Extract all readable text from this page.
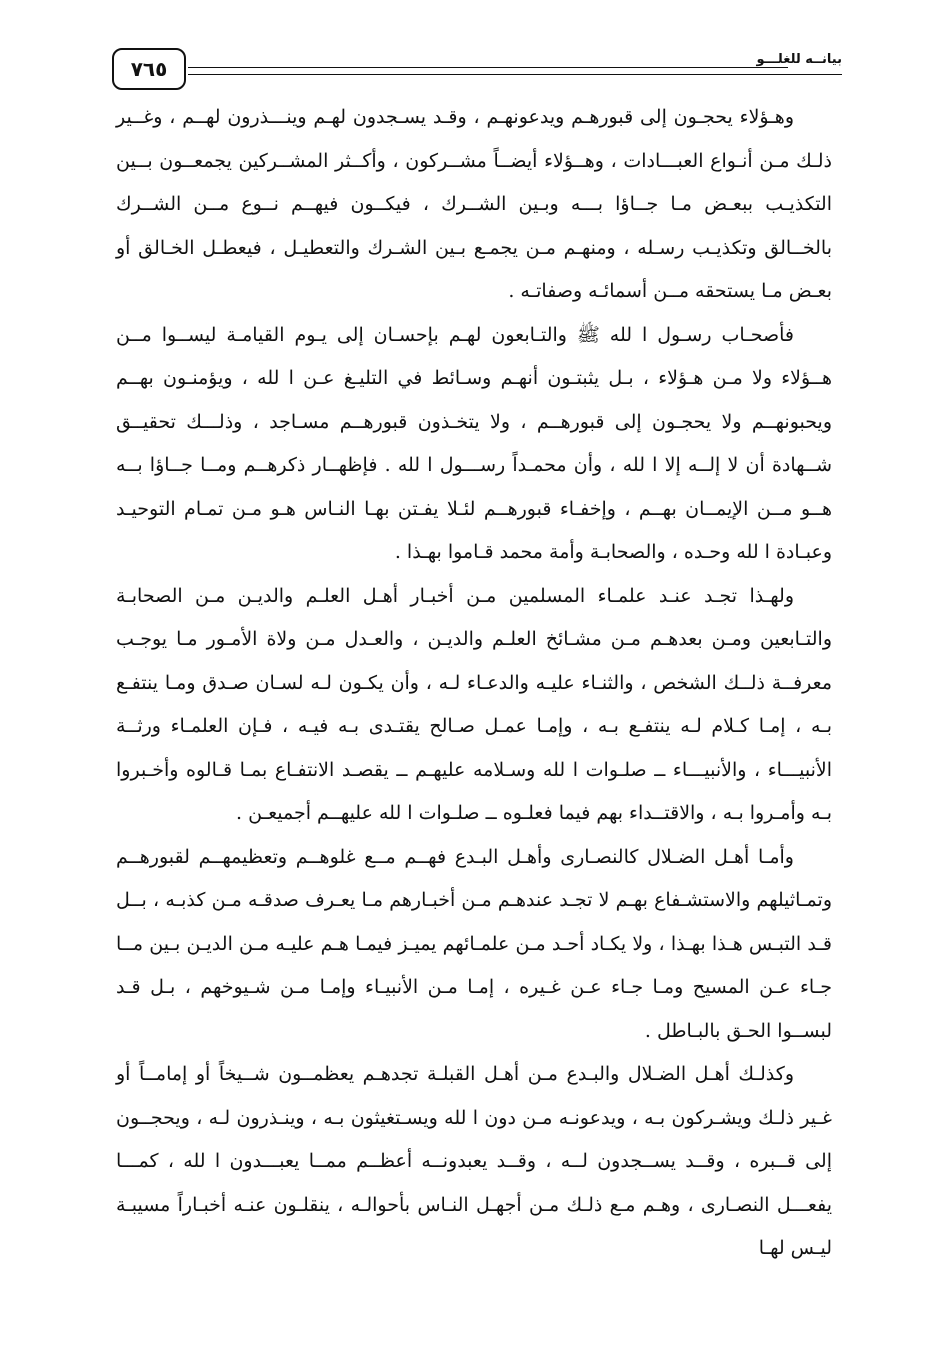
٧٦٥	بيانــه للغلـــو

وهـؤلاء يحجـون إلى قبورهـم ويدعونهـم ، وقـد يسـجدون لهـم وينـــذرون لهــم ، وغــير ذلـك مـن أنـواع العبـــادات ، وهــؤلاء أيضــاً مشــركون ، وأكــثر المشــركين يجمعــون بــين التكذيـب ببعـض مـا جــاؤا بـــه وبـين الشــرك ، فيكــون فيهــم نــوع مــن الشــرك بالخــالق وتكذيـب رسـله ، ومنهـم مـن يجمـع بـين الشـرك والتعطيـل ، فيعطـل الخـالق أو بعـض مـا يستحقه مــن أسمائـه وصفاتـه .

فأصحـاب رسـول ا لله ﷺ والتـابعون لهـم بإحسـان إلى يـوم القيامـة ليســوا مــن هــؤلاء ولا مـن هـؤلاء ، بـل يثبتـون أنهـم وسـائط في التليـغ عـن ا لله ، ويؤمنـون بهــم ويحبونهــم ولا يحجـون إلى قبورهــم ، ولا يتخـذون قبورهــم مسـاجد ، وذلـــك تحقيــق شــهادة أن لا إلــه إلا ا لله ، وأن محمـداً رســـول ا لله . فإظهــار ذكرهــم ومــا جــاؤا بــه هــو مــن الإيمــان بهــم ، وإخفـاء قبورهــم لئـلا يفـتن بهـا النـاس هـو مـن تمـام التوحيـد وعبـادة ا لله وحـده ، والصحابـة وأمة محمد قـاموا بهـذا .

ولهـذا تجـد عنـد علمـاء المسلمين مـن أخبـار أهـل العلـم والديـن مـن الصحابـة والتـابعين ومـن بعدهـم مـن مشـائخ العلـم والديـن ، والعـدل مـن ولاة الأمـور مـا يوجـب معرفــة ذلــك الشخص ، والثنـاء عليـه والدعـاء لـه ، وأن يكـون لـه لسـان صـدق ومـا ينتفـع بـه ، إمـا كـلام لـه ينتفـع بـه ، وإمـا عمـل صـالح يقتـدى بـه فيـه ، فـإن العلمـاء ورثــة الأنبيـــاء ، والأنبيـــاء ــ صلـوات ا لله وسـلامه عليهـم ــ يقصـد الانتفـاع بمـا قـالوه وأخـبروا بـه وأمـروا بـه ، والاقتــداء بهم فيما فعلـوه ــ صلـوات ا لله عليهــم أجميعـن .

وأمـا أهـل الضـلال كالنصـارى وأهـل البـدع فهــم مــع غلوهــم وتعظيمهــم لقبورهــم وتمـاثيلهم والاستشـفاع بهـم لا تجـد عندهـم مـن أخبـارهم مـا يعـرف صدقـه مـن كذبـه ، بــل قـد التبـس هـذا بهـذا ، ولا يكـاد أحـد مـن علمـائهم يميـز فيمـا هـم عليـه مـن الديـن بـين مــا جـاء عـن المسيح ومـا جـاء عـن غـيره ، إمـا مـن الأنبيـاء وإمـا مـن شـيوخهم ، بـل قـد لبســوا الحـق بالبـاطل .

وكذلـك أهـل الضـلال والبـدع مـن أهـل القبلـة تجدهـم يعظمــون شــيخاً أو إمامــاً أو غـير ذلـك ويشـركون بـه ، ويدعونـه مـن دون ا لله ويسـتغيثون بـه ، وينـذرون لـه ، ويحجــون إلى قــبره ، وقــد يســجدون لــه ، وقــد يعبدونــه أعظــم ممــا يعبـــدون ا لله ، كمـــا يفعـــل النصـارى ، وهـم مـع ذلـك مـن أجهـل النـاس بأحوالـه ، ينقلـون عنـه أخبـاراً مسيبـة ليـس لهـا
